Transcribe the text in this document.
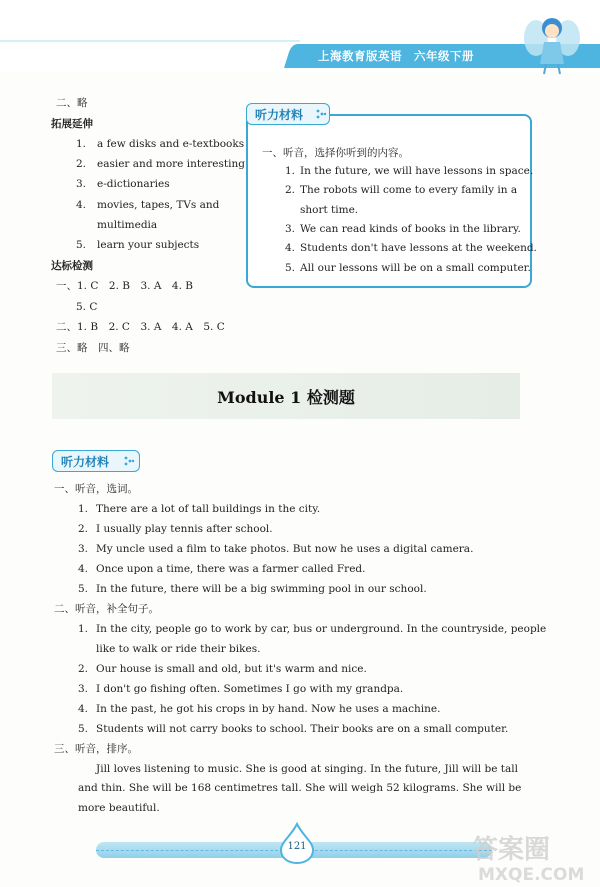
上海教育版英语　六年级下册
二、略
拓展延伸
1. a few disks and e-textbooks
2. easier and more interesting
3. e-dictionaries
4. movies, tapes, TVs and
multimedia
5. learn your subjects
达标检测
一、1. C　2. B　3. A　4. B
5. C
二、1. B　2. C　3. A　4. A　5. C
三、略　四、略
听力材料
一、听音，选择你听到的内容。
1. In the future, we will have lessons in space.
2. The robots will come to every family in a
short time.
3. We can read kinds of books in the library.
4. Students don't have lessons at the weekend.
5. All our lessons will be on a small computer.
Module 1 检测题
听力材料
一、听音，选词。
1. There are a lot of tall buildings in the city.
2. I usually play tennis after school.
3. My uncle used a film to take photos. But now he uses a digital camera.
4. Once upon a time, there was a farmer called Fred.
5. In the future, there will be a big swimming pool in our school.
二、听音，补全句子。
1. In the city, people go to work by car, bus or underground. In the countryside, people
like to walk or ride their bikes.
2. Our house is small and old, but it's warm and nice.
3. I don't go fishing often. Sometimes I go with my grandpa.
4. In the past, he got his crops in by hand. Now he uses a machine.
5. Students will not carry books to school. Their books are on a small computer.
三、听音，排序。
Jill loves listening to music. She is good at singing. In the future, Jill will be tall
and thin. She will be 168 centimetres tall. She will weigh 52 kilograms. She will be
more beautiful.
121	答案圈
MXQE.COM
